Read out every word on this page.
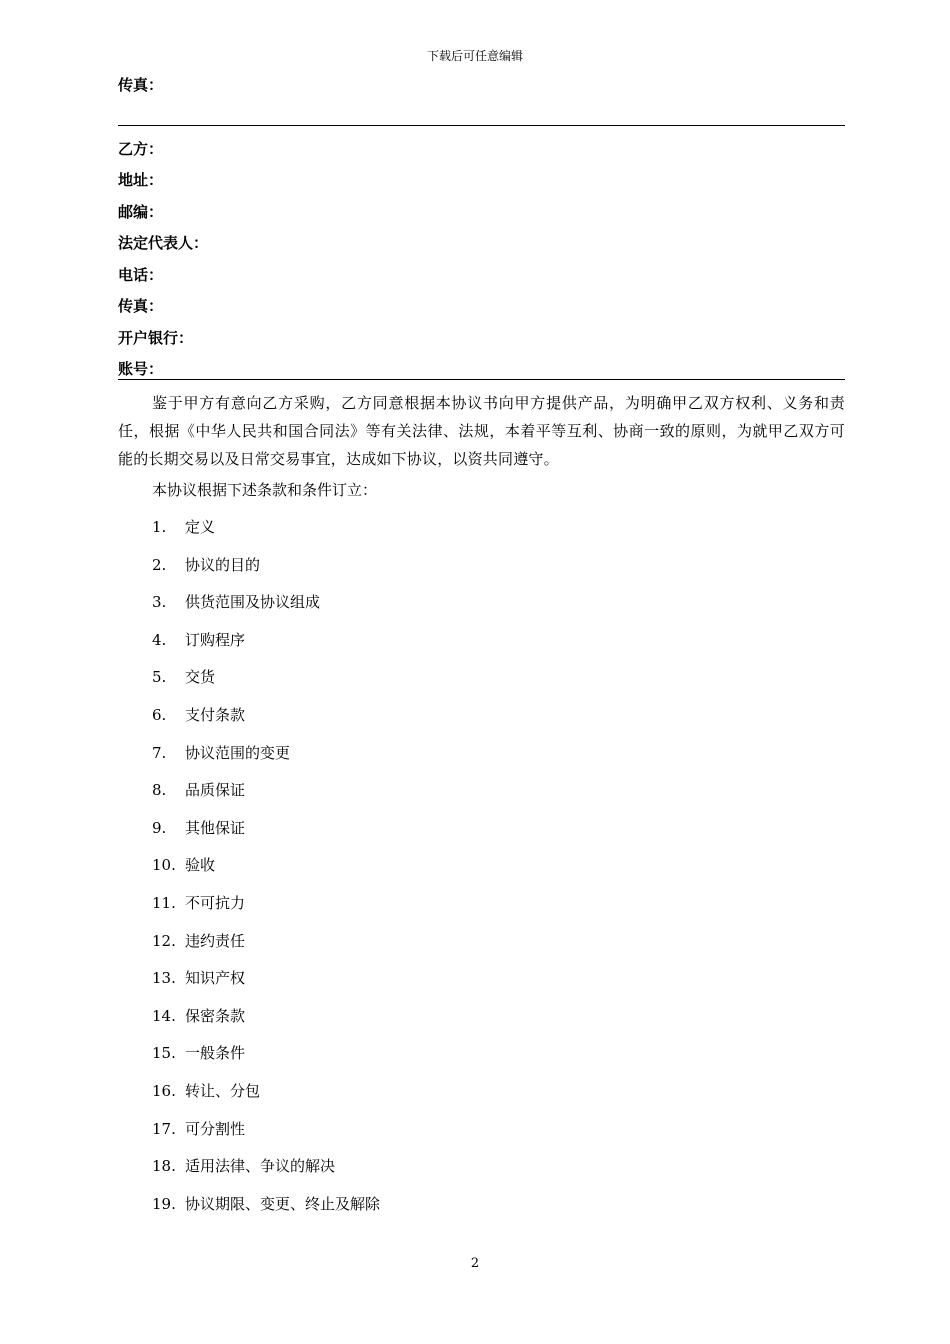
下载后可任意编辑
传真：
乙方：
地址：
邮编：
法定代表人：
电话：
传真：
开户银行：
账号：

鉴于甲方有意向乙方采购，乙方同意根据本协议书向甲方提供产品，为明确甲乙双方权利、义务和责任，根据《中华人民共和国合同法》等有关法律、法规，本着平等互利、协商一致的原则，为就甲乙双方可能的长期交易以及日常交易事宜，达成如下协议，以资共同遵守。

本协议根据下述条款和条件订立：
1. 定义
2. 协议的目的
3. 供货范围及协议组成
4. 订购程序
5. 交货
6. 支付条款
7. 协议范围的变更
8. 品质保证
9. 其他保证
10. 验收
11. 不可抗力
12. 违约责任
13. 知识产权
14. 保密条款
15. 一般条件
16. 转让、分包
17. 可分割性
18. 适用法律、争议的解决
19. 协议期限、变更、终止及解除
2
